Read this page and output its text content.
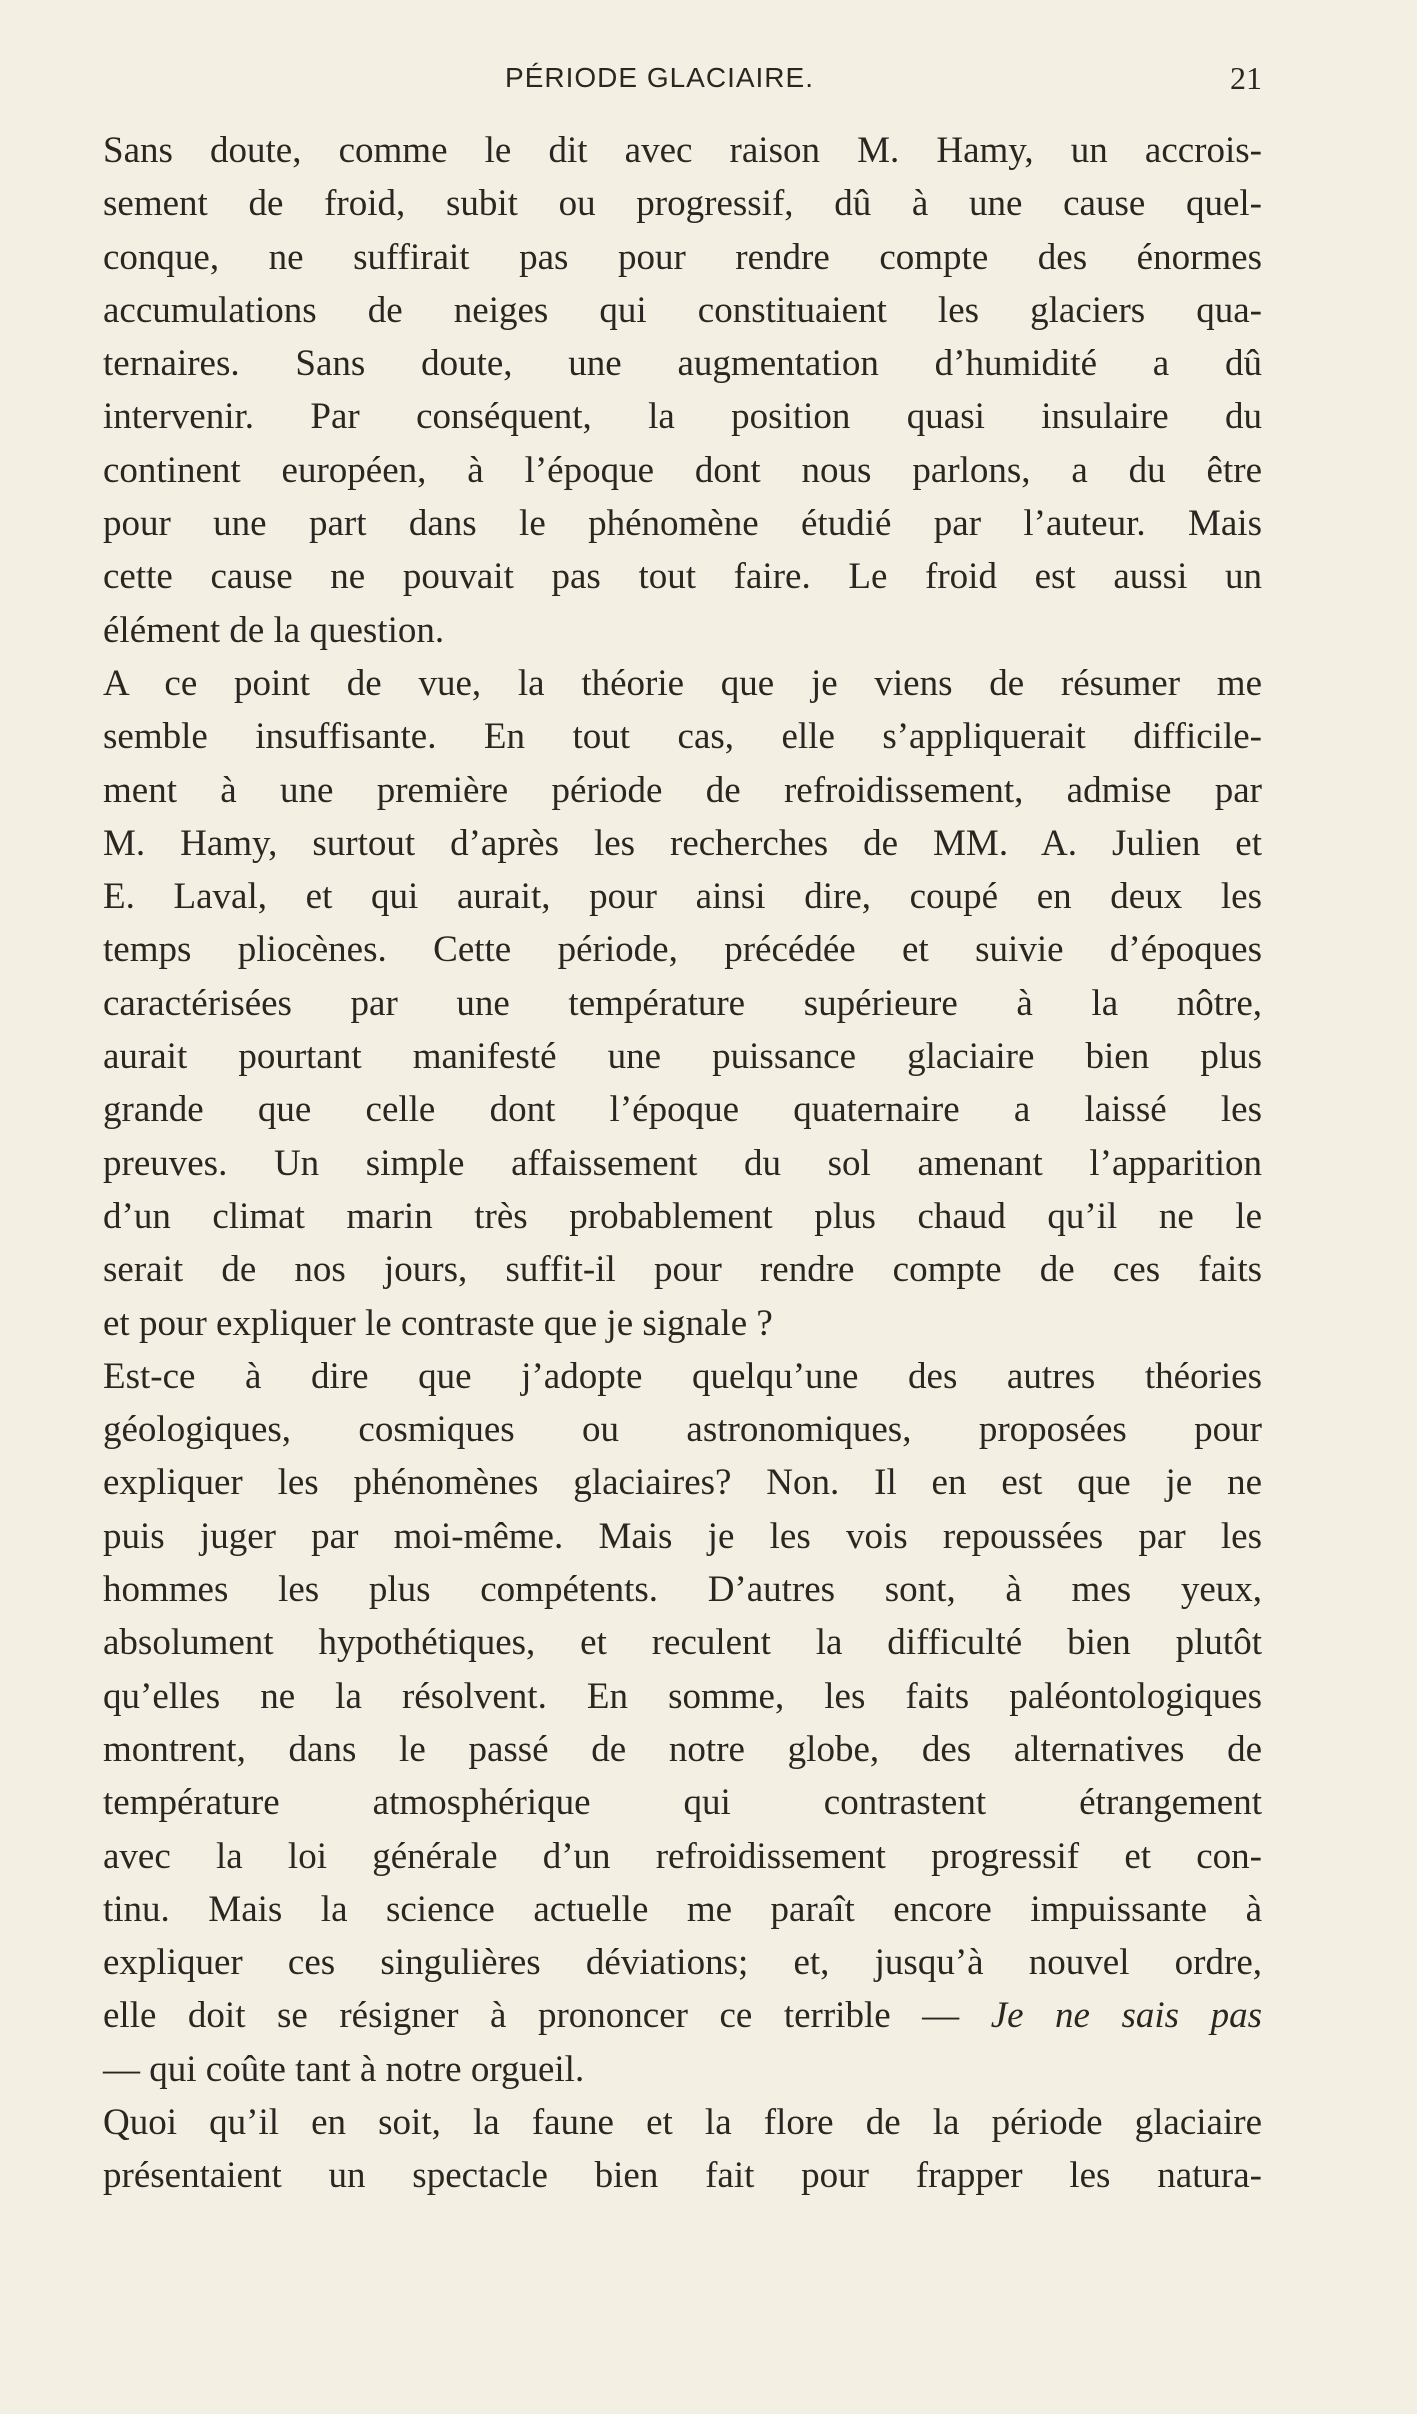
PÉRIODE GLACIAIRE.	21

Sans doute, comme le dit avec raison M. Hamy, un accrois-
sement de froid, subit ou progressif, dû à une cause quel-
conque, ne suffirait pas pour rendre compte des énormes
accumulations de neiges qui constituaient les glaciers qua-
ternaires. Sans doute, une augmentation d’humidité a dû
intervenir. Par conséquent, la position quasi insulaire du
continent européen, à l’époque dont nous parlons, a du être
pour une part dans le phénomène étudié par l’auteur. Mais
cette cause ne pouvait pas tout faire. Le froid est aussi un
élément de la question.

A ce point de vue, la théorie que je viens de résumer me
semble insuffisante. En tout cas, elle s’appliquerait difficile-
ment à une première période de refroidissement, admise par
M. Hamy, surtout d’après les recherches de MM. A. Julien et
E. Laval, et qui aurait, pour ainsi dire, coupé en deux les
temps pliocènes. Cette période, précédée et suivie d’époques
caractérisées par une température supérieure à la nôtre,
aurait pourtant manifesté une puissance glaciaire bien plus
grande que celle dont l’époque quaternaire a laissé les
preuves. Un simple affaissement du sol amenant l’apparition
d’un climat marin très probablement plus chaud qu’il ne le
serait de nos jours, suffit-il pour rendre compte de ces faits
et pour expliquer le contraste que je signale ?

Est-ce à dire que j’adopte quelqu’une des autres théories
géologiques, cosmiques ou astronomiques, proposées pour
expliquer les phénomènes glaciaires? Non. Il en est que je ne
puis juger par moi-même. Mais je les vois repoussées par les
hommes les plus compétents. D’autres sont, à mes yeux,
absolument hypothétiques, et reculent la difficulté bien plutôt
qu’elles ne la résolvent. En somme, les faits paléontologiques
montrent, dans le passé de notre globe, des alternatives de
température atmosphérique qui contrastent étrangement
avec la loi générale d’un refroidissement progressif et con-
tinu. Mais la science actuelle me paraît encore impuissante à
expliquer ces singulières déviations; et, jusqu’à nouvel ordre,
elle doit se résigner à prononcer ce terrible — Je ne sais pas
— qui coûte tant à notre orgueil.

Quoi qu’il en soit, la faune et la flore de la période glaciaire
présentaient un spectacle bien fait pour frapper les natura-
